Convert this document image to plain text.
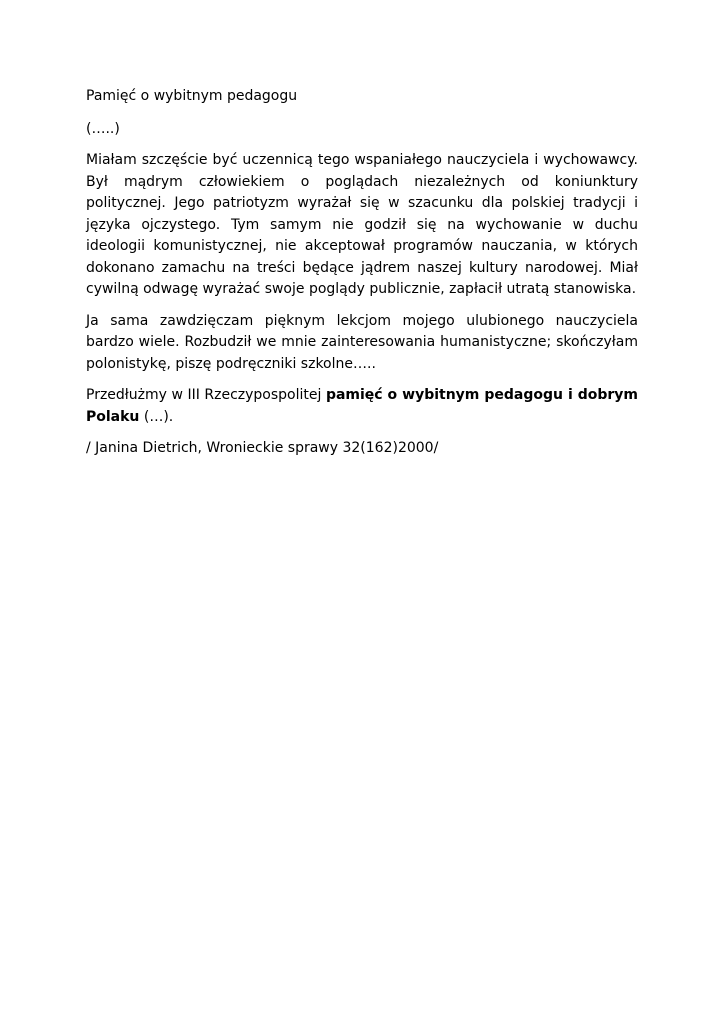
Pamięć o wybitnym pedagogu

(…..)

Miałam szczęście być uczennicą tego wspaniałego nauczyciela i wychowawcy. Był mądrym człowiekiem o poglądach niezależnych od koniunktury politycznej. Jego patriotyzm wyrażał się w szacunku dla polskiej tradycji i języka ojczystego. Tym samym nie godził się na wychowanie w duchu ideologii komunistycznej, nie akceptował programów nauczania, w których dokonano zamachu na treści będące jądrem naszej kultury narodowej. Miał cywilną odwagę wyrażać swoje poglądy publicznie, zapłacił utratą stanowiska.

Ja sama zawdzięczam pięknym lekcjom mojego ulubionego nauczyciela bardzo wiele. Rozbudził we mnie zainteresowania humanistyczne; skończyłam polonistykę, piszę podręczniki szkolne…..

Przedłużmy w III Rzeczypospolitej pamięć o wybitnym pedagogu i dobrym Polaku (…).

/ Janina Dietrich, Wronieckie sprawy 32(162)2000/
